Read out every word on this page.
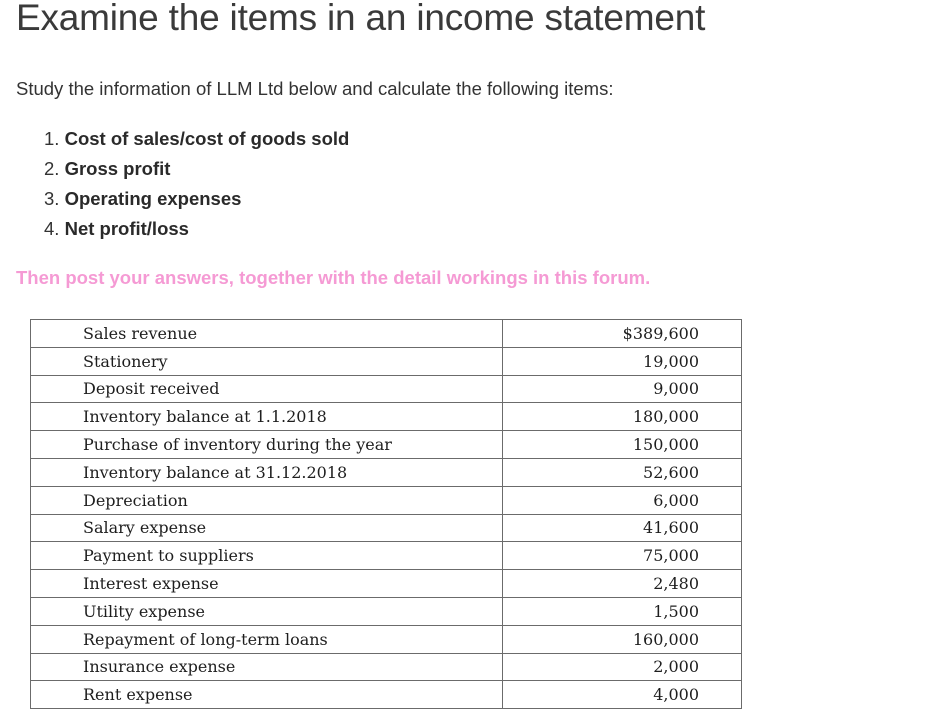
Examine the items in an income statement

Study the information of LLM Ltd below and calculate the following items:

1. Cost of sales/cost of goods sold
2. Gross profit
3. Operating expenses
4. Net profit/loss

Then post your answers, together with the detail workings in this forum.

Sales revenue	$389,600
Stationery	19,000
Deposit received	9,000
Inventory balance at 1.1.2018	180,000
Purchase of inventory during the year	150,000
Inventory balance at 31.12.2018	52,600
Depreciation	6,000
Salary expense	41,600
Payment to suppliers	75,000
Interest expense	2,480
Utility expense	1,500
Repayment of long-term loans	160,000
Insurance expense	2,000
Rent expense	4,000
